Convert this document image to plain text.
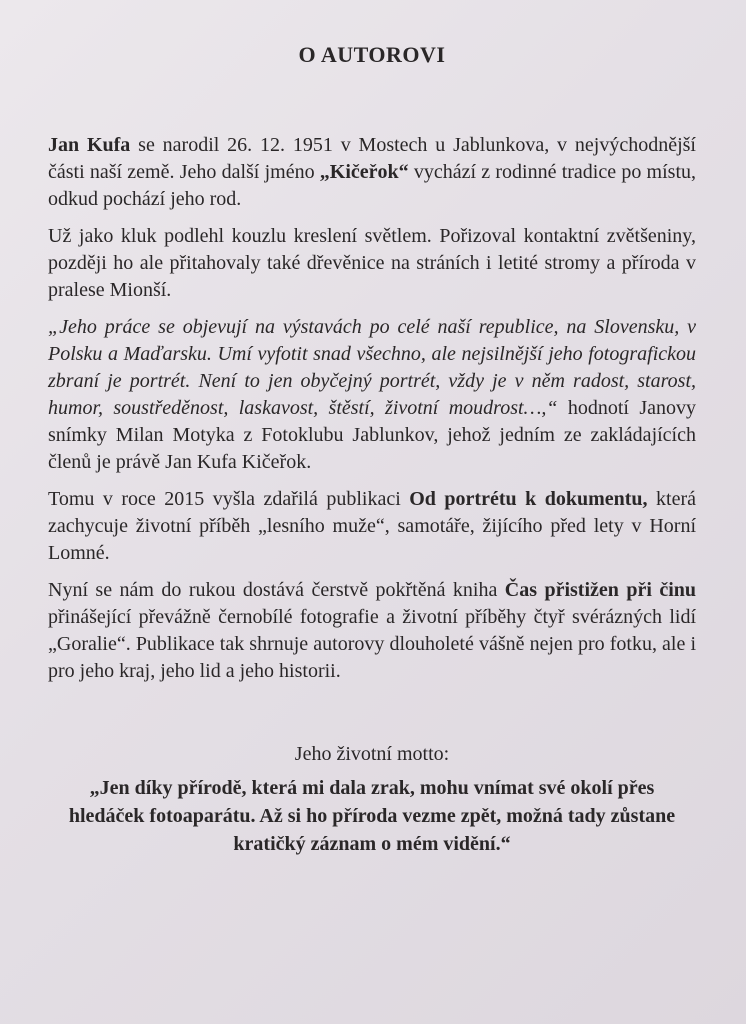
O AUTOROVI

Jan Kufa se narodil 26. 12. 1951 v Mostech u Jablunkova, v nejvýchodnější části naší země. Jeho další jméno „Kičeřok“ vychází z rodinné tradice po místu, odkud pochází jeho rod.

Už jako kluk podlehl kouzlu kreslení světlem. Pořizoval kontaktní zvětšeniny, později ho ale přitahovaly také dřevěnice na stráních i letité stromy a příroda v pralese Mionší.

„Jeho práce se objevují na výstavách po celé naší republice, na Slovensku, v Polsku a Maďarsku. Umí vyfotit snad všechno, ale nejsilnější jeho fotografickou zbraní je portrét. Není to jen obyčejný portrét, vždy je v něm radost, starost, humor, soustředěnost, laskavost, štěstí, životní moudrost…,“ hodnotí Janovy snímky Milan Motyka z Fotoklubu Jablunkov, jehož jedním ze zakládajících členů je právě Jan Kufa Kičeřok.

Tomu v roce 2015 vyšla zdařilá publikaci Od portrétu k dokumentu, která zachycuje životní příběh „lesního muže“, samotáře, žijícího před lety v Horní Lomné.

Nyní se nám do rukou dostává čerstvě pokřtěná kniha Čas přistižen při činu přinášející převážně černobílé fotografie a životní příběhy čtyř svérázných lidí „Goralie“. Publikace tak shrnuje autorovy dlouholeté vášně nejen pro fotku, ale i pro jeho kraj, jeho lid a jeho historii.

Jeho životní motto:

„Jen díky přírodě, která mi dala zrak, mohu vnímat své okolí přes hledáček fotoaparátu. Až si ho příroda vezme zpět, možná tady zůstane kratičký záznam o mém vidění.“
